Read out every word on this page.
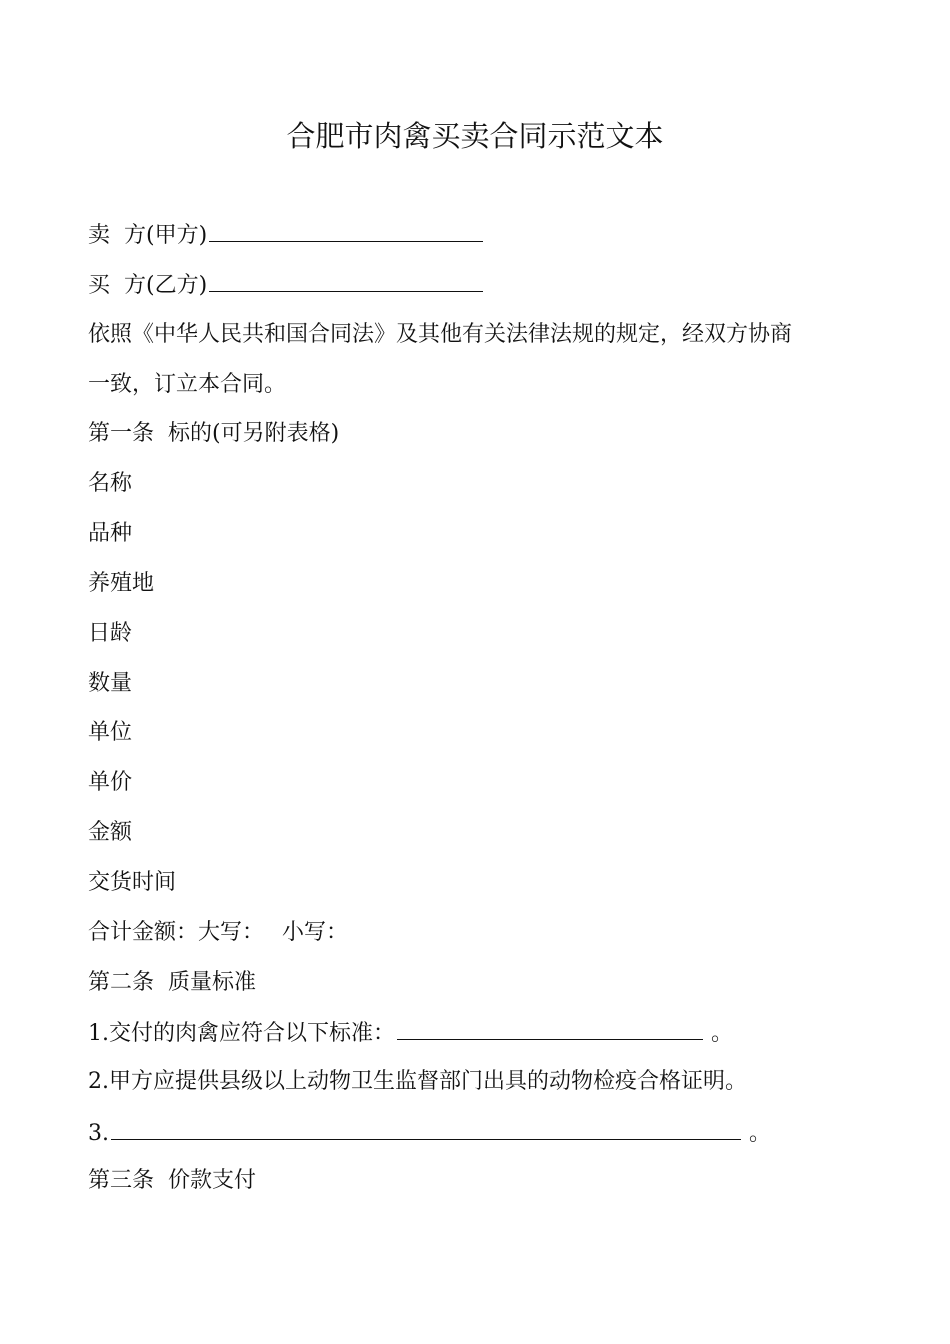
合肥市肉禽买卖合同示范文本
卖  方(甲方)
买  方(乙方)
依照《中华人民共和国合同法》及其他有关法律法规的规定，经双方协商
一致，订立本合同。
第一条  标的(可另附表格)
名称
品种
养殖地
日龄
数量
单位
单价
金额
交货时间
合计金额：大写： 小写：
第二条  质量标准
1.交付的肉禽应符合以下标准：	。
2.甲方应提供县级以上动物卫生监督部门出具的动物检疫合格证明。
3.	。
第三条  价款支付
